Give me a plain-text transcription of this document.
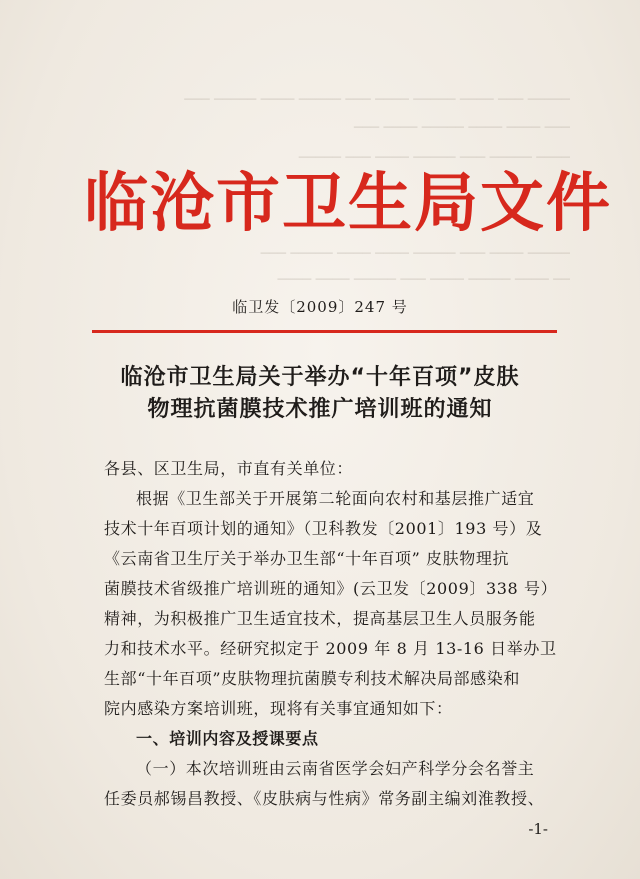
───── ─── ──── ───── ──── ─── ───── ──── ───── ───
─── ──── ──── ───── ──── ───
──── ───── ─── ───── ──── ─── ─────
───── ──── ─── ───── ──── ──── ───── ───
── ──── ───── ──── ─── ───── ──── ────
临沧市卫生局文件
临卫发〔2009〕247 号
临沧市卫生局关于举办“十年百项”皮肤
物理抗菌膜技术推广培训班的通知
各县、区卫生局，市直有关单位：
根据《卫生部关于开展第二轮面向农村和基层推广适宜
技术十年百项计划的通知》（卫科教发〔2001〕193 号）及
《云南省卫生厅关于举办卫生部“十年百项” 皮肤物理抗
菌膜技术省级推广培训班的通知》(云卫发〔2009〕338 号）
精神，为积极推广卫生适宜技术，提高基层卫生人员服务能
力和技术水平。经研究拟定于 2009 年 8 月 13-16 日举办卫
生部“十年百项”皮肤物理抗菌膜专利技术解决局部感染和
院内感染方案培训班，现将有关事宜通知如下：
一、培训内容及授课要点
（一）本次培训班由云南省医学会妇产科学分会名誉主
任委员郝锡昌教授、《皮肤病与性病》常务副主编刘淮教授、
-1-
